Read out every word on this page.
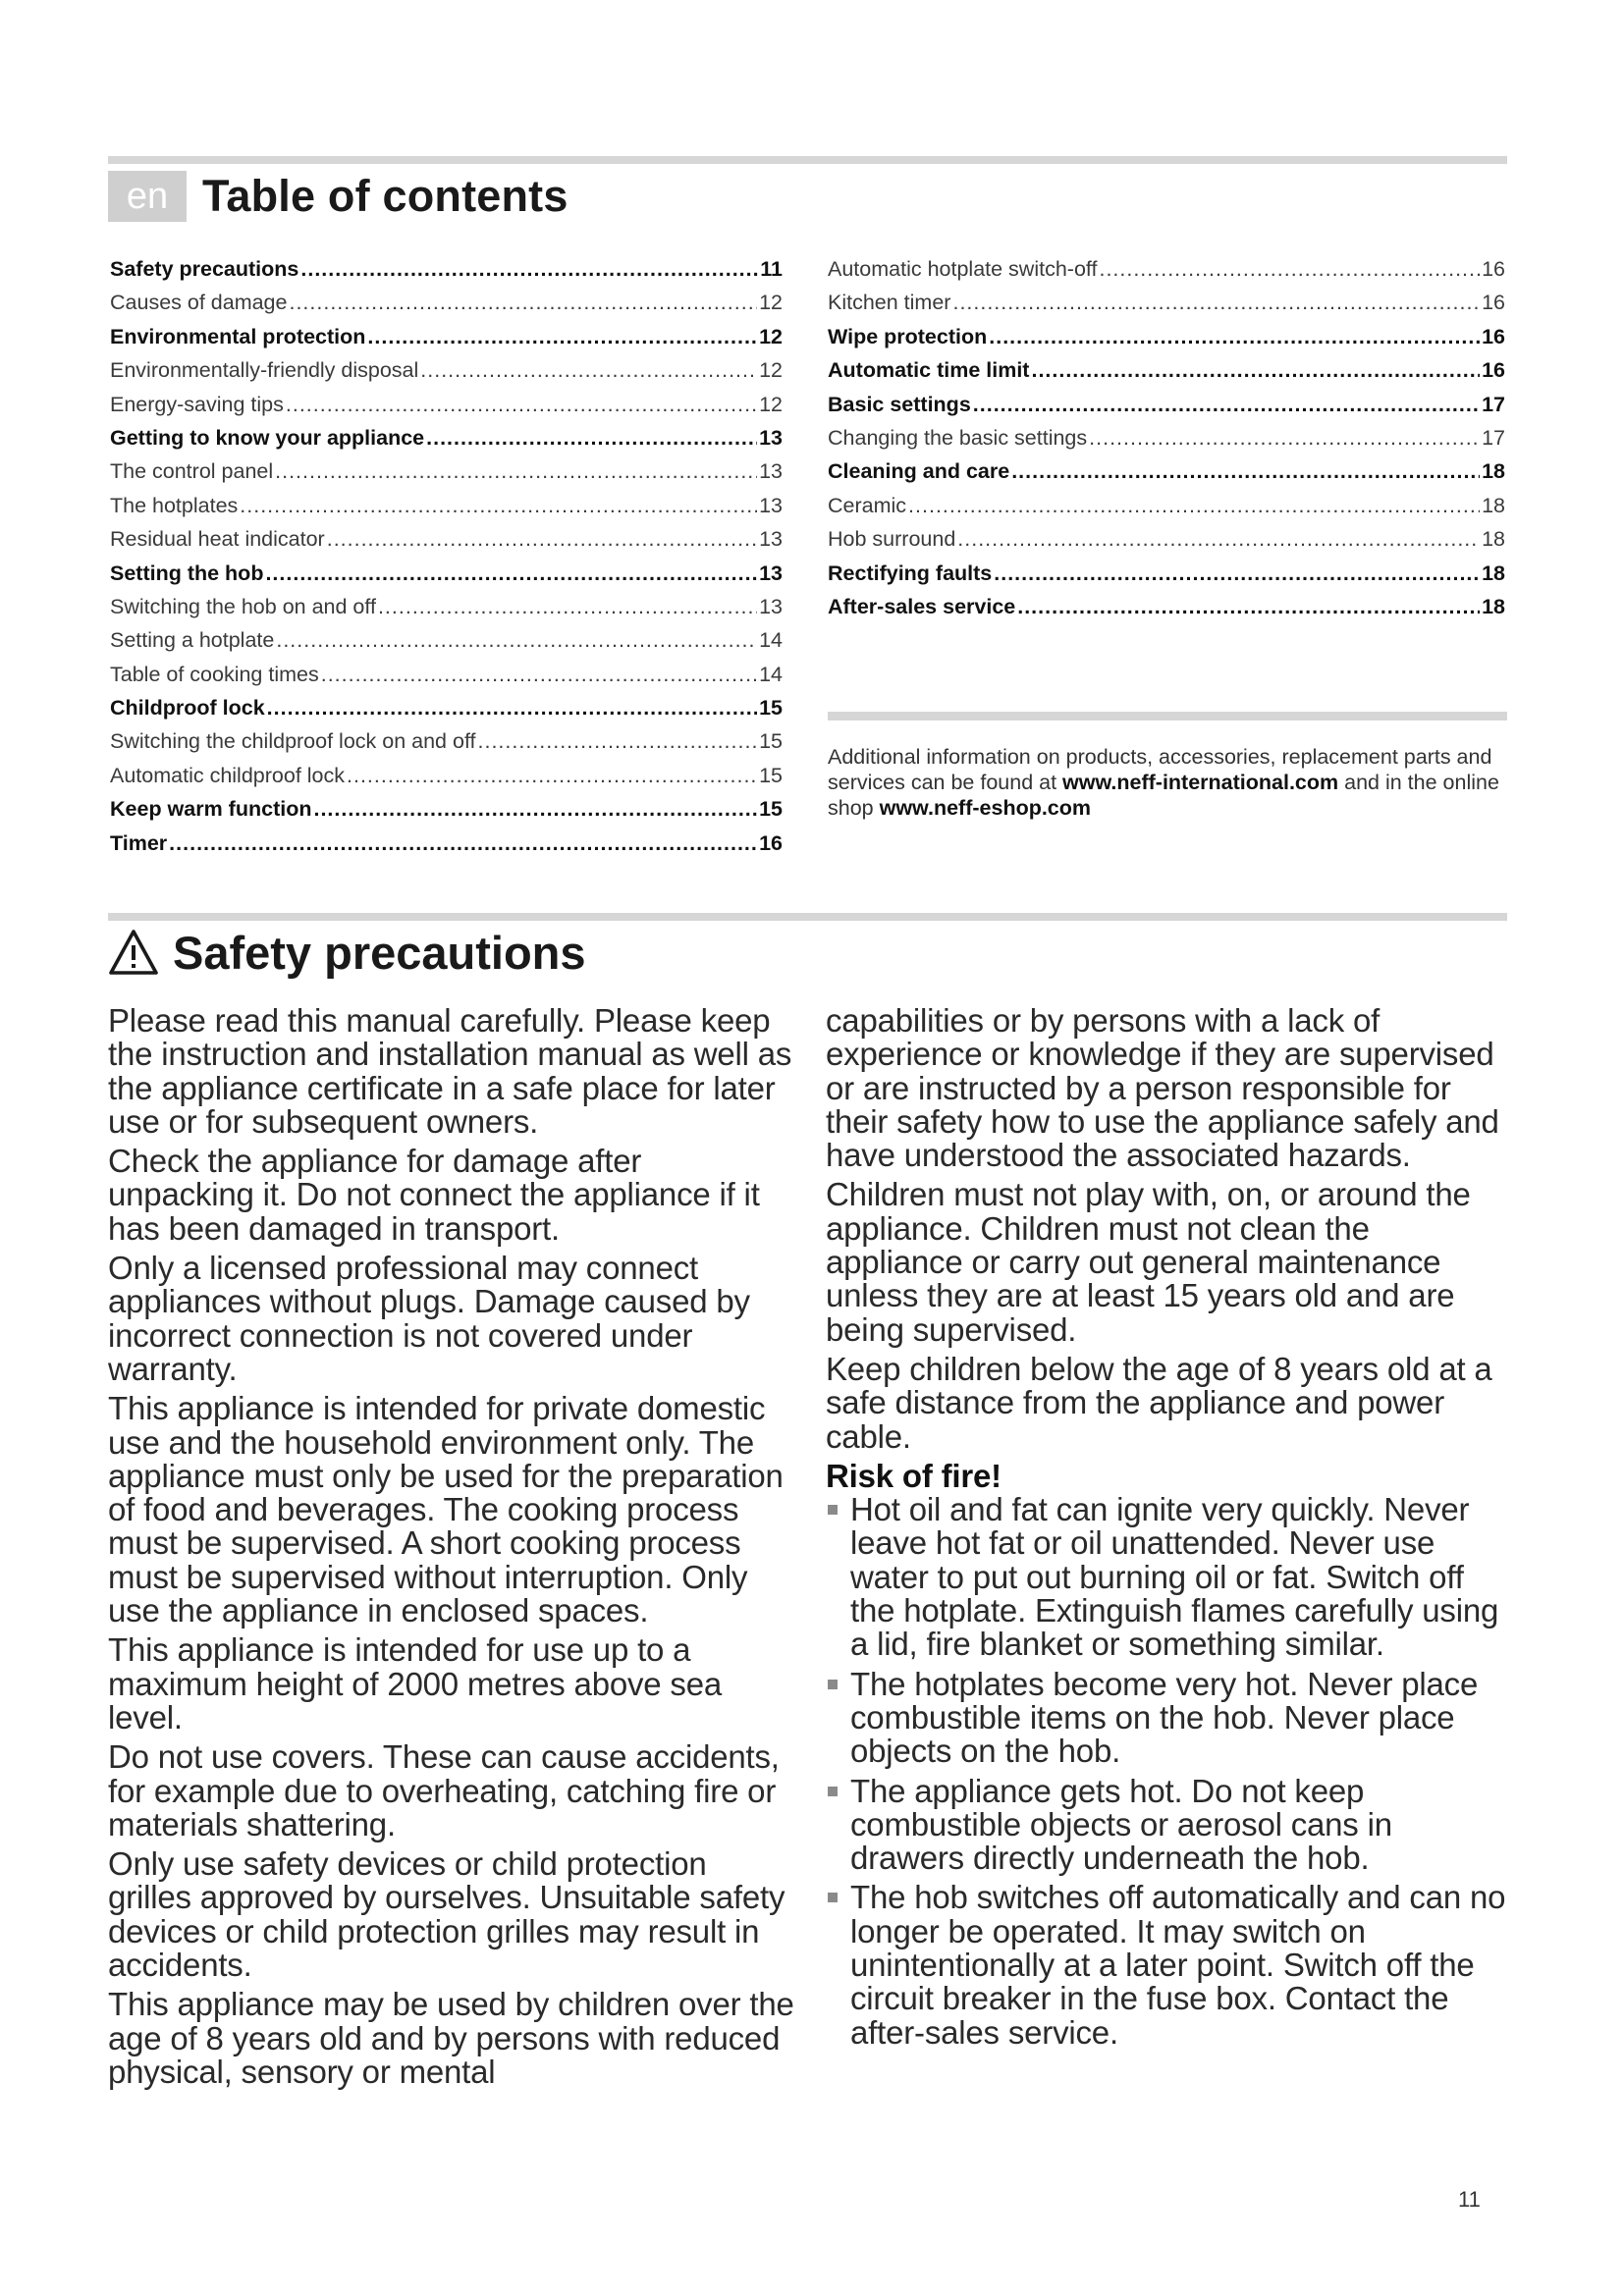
en Table of contents
Safety precautions .....	11
Causes of damage .....	12
Environmental protection .....	12
Environmentally-friendly disposal .....	12
Energy-saving tips .....	12
Getting to know your appliance .....	13
The control panel .....	13
The hotplates .....	13
Residual heat indicator .....	13
Setting the hob .....	13
Switching the hob on and off .....	13
Setting a hotplate .....	14
Table of cooking times .....	14
Childproof lock .....	15
Switching the childproof lock on and off .....	15
Automatic childproof lock .....	15
Keep warm function .....	15
Timer .....	16
Automatic hotplate switch-off .....	16
Kitchen timer .....	16
Wipe protection .....	16
Automatic time limit .....	16
Basic settings .....	17
Changing the basic settings .....	17
Cleaning and care .....	18
Ceramic .....	18
Hob surround .....	18
Rectifying faults .....	18
After-sales service .....	18
Additional information on products, accessories, replacement parts and services can be found at www.neff-international.com and in the online shop www.neff-eshop.com
Safety precautions

Please read this manual carefully. Please keep the instruction and installation manual as well as the appliance certificate in a safe place for later use or for subsequent owners.

Check the appliance for damage after unpacking it. Do not connect the appliance if it has been damaged in transport.

Only a licensed professional may connect appliances without plugs. Damage caused by incorrect connection is not covered under warranty.

This appliance is intended for private domestic use and the household environment only. The appliance must only be used for the preparation of food and beverages. The cooking process must be supervised. A short cooking process must be supervised without interruption. Only use the appliance in enclosed spaces.

This appliance is intended for use up to a maximum height of 2000 metres above sea level.

Do not use covers. These can cause accidents, for example due to overheating, catching fire or materials shattering.

Only use safety devices or child protection grilles approved by ourselves. Unsuitable safety devices or child protection grilles may result in accidents.

This appliance may be used by children over the age of 8 years old and by persons with reduced physical, sensory or mental

capabilities or by persons with a lack of experience or knowledge if they are supervised or are instructed by a person responsible for their safety how to use the appliance safely and have understood the associated hazards.

Children must not play with, on, or around the appliance. Children must not clean the appliance or carry out general maintenance unless they are at least 15 years old and are being supervised.

Keep children below the age of 8 years old at a safe distance from the appliance and power cable.

Risk of fire!
Hot oil and fat can ignite very quickly. Never leave hot fat or oil unattended. Never use water to put out burning oil or fat. Switch off the hotplate. Extinguish flames carefully using a lid, fire blanket or something similar.
The hotplates become very hot. Never place combustible items on the hob. Never place objects on the hob.
The appliance gets hot. Do not keep combustible objects or aerosol cans in drawers directly underneath the hob.
The hob switches off automatically and can no longer be operated. It may switch on unintentionally at a later point. Switch off the circuit breaker in the fuse box. Contact the after-sales service.
11
